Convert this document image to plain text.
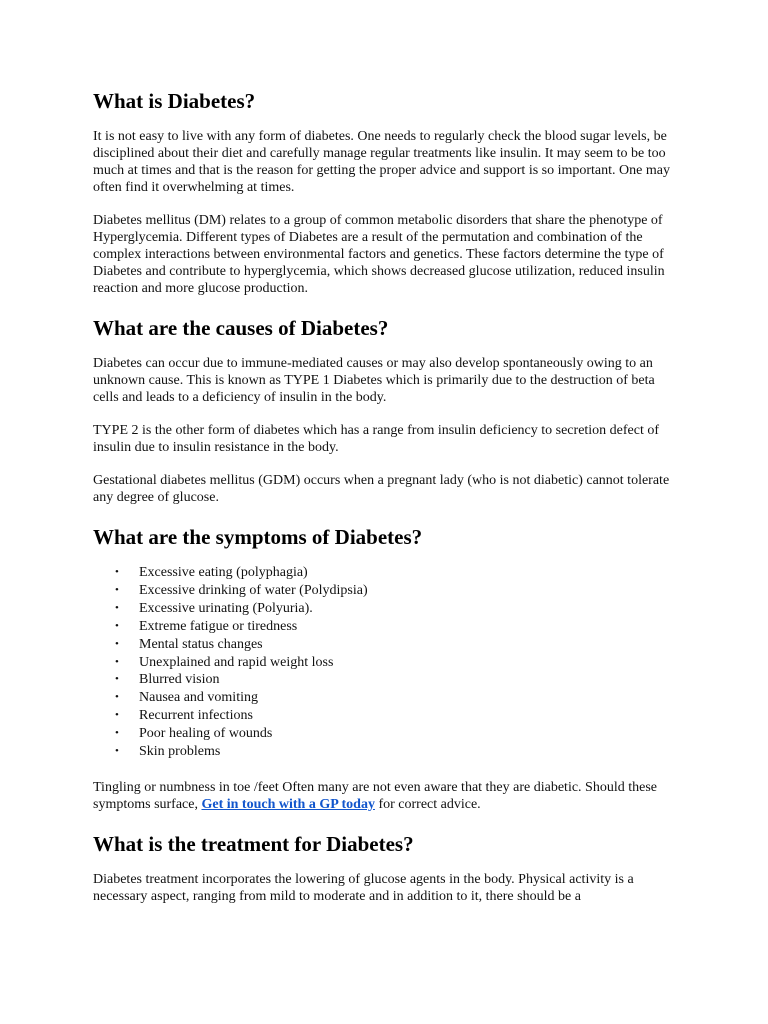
What is Diabetes?

It is not easy to live with any form of diabetes. One needs to regularly check the blood sugar levels, be disciplined about their diet and carefully manage regular treatments like insulin. It may seem to be too much at times and that is the reason for getting the proper advice and support is so important. One may often find it overwhelming at times.

Diabetes mellitus (DM) relates to a group of common metabolic disorders that share the phenotype of Hyperglycemia. Different types of Diabetes are a result of the permutation and combination of the complex interactions between environmental factors and genetics. These factors determine the type of Diabetes and contribute to hyperglycemia, which shows decreased glucose utilization, reduced insulin reaction and more glucose production.

What are the causes of Diabetes?

Diabetes can occur due to immune-mediated causes or may also develop spontaneously owing to an unknown cause. This is known as TYPE 1 Diabetes which is primarily due to the destruction of beta cells and leads to a deficiency of insulin in the body.

TYPE 2 is the other form of diabetes which has a range from insulin deficiency to secretion defect of insulin due to insulin resistance in the body.

Gestational diabetes mellitus (GDM) occurs when a pregnant lady (who is not diabetic) cannot tolerate any degree of glucose.

What are the symptoms of Diabetes?
• Excessive eating (polyphagia)
• Excessive drinking of water (Polydipsia)
• Excessive urinating (Polyuria).
• Extreme fatigue or tiredness
• Mental status changes
• Unexplained and rapid weight loss
• Blurred vision
• Nausea and vomiting
• Recurrent infections
• Poor healing of wounds
• Skin problems

Tingling or numbness in toe /feet Often many are not even aware that they are diabetic. Should these symptoms surface, Get in touch with a GP today for correct advice.

What is the treatment for Diabetes?

Diabetes treatment incorporates the lowering of glucose agents in the body. Physical activity is a necessary aspect, ranging from mild to moderate and in addition to it, there should be a
